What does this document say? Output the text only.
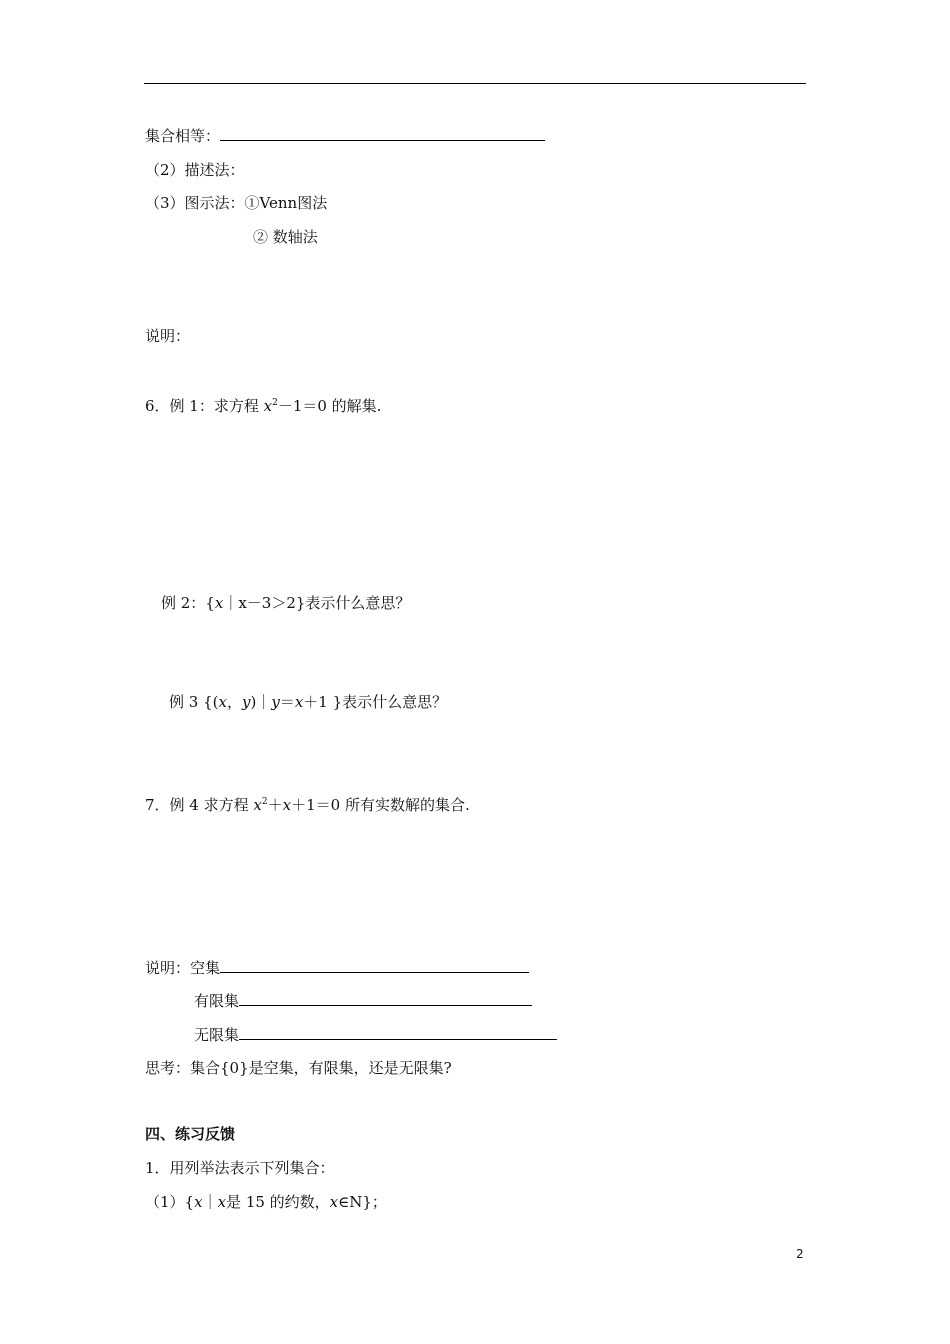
集合相等：
（2）描述法：
（3）图示法：①Venn图法
② 数轴法
说明：
6．例 1：求方程 $x^2-1=0$ 的解集.
例 2：{x｜x－3＞2}表示什么意思？
例 3 {(x，y)｜y＝x＋1 }表示什么意思？
7．例 4 求方程 $x^2+x+1=0$ 所有实数解的集合.
说明：空集
有限集
无限集
思考：集合{0}是空集，有限集，还是无限集?
四、练习反馈
1．用列举法表示下列集合：
（1）{x｜x是 15 的约数，x∈N}；
2
